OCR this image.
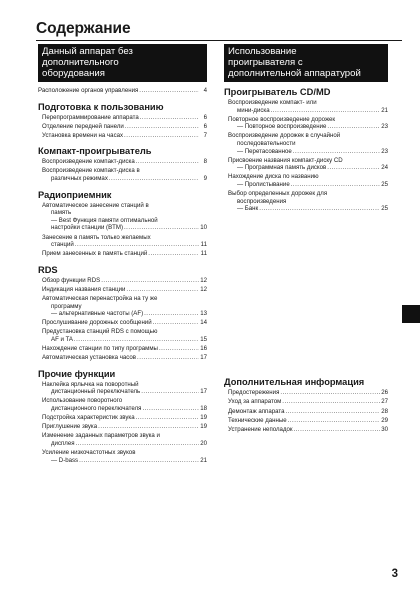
Содержание
Данный аппарат без
дополнительного
оборудования
Расположение органов управления . . .	4
Подготовка к пользованию
Перепрограммирование аппарата . . .	6
Отделение передней панели . . .	6
Установка времени на часах . . .	7
Компакт-проигрыватель
Воспроизведение компакт-диска . . .	8
Воспроизведение компакт-диска в
различных режимах . . .	9
Радиоприемник
Автоматическое занесение станций в
память
— Best Функция памяти оптимальной
настройки станции (BTM) . . .	10
Занесение в память только желаемых
станций . . .	11
Прием занесенных в память станций . . .	11
RDS
Обзор функции RDS . . .	12
Индикация названия станции . . .	12
Автоматическая перенастройка на ту же
программу
— альтернативные частоты (AF) . . .	13
Прослушивание дорожных сообщений . . .	14
Предустановка станций RDS с помощью
AF и TA . . .	15
Нахождение станции по типу программы . . .	16
Автоматическая установка часов . . .	17
Прочие функции
Наклейка ярлычка на поворотный
дистанционный переключатель . . .	17
Использование поворотного
дистанционного переключателя . . .	18
Подстройка характеристик звука . . .	19
Приглушение звука . . .	19
Изменение заданных параметров звука и
дисплея . . .	20
Усиление низкочастотных звуков
— D-bass . . .	21
Использование
проигрывателя с
дополнительной аппаратурой
Проигрыватель CD/MD
Воспроизведение компакт- или
мини-диска . . .	21
Повторное воспроизведение дорожек
— Повторное воспроизведение . . .	23
Воспроизведение дорожек в случайной
последовательности
— Перетасованное . . .	23
Присвоение названия компакт-диску CD
— Программная память дисков . . .	24
Нахождение диска по названию
— Пролистывание . . .	25
Выбор определенных дорожек для
воспроизведения
— Банк . . .	25
Дополнительная информация
Предостережения . . .	26
Уход за аппаратом . . .	27
Демонтаж аппарата . . .	28
Технические данные . . .	29
Устранение неполадок . . .	30
3
